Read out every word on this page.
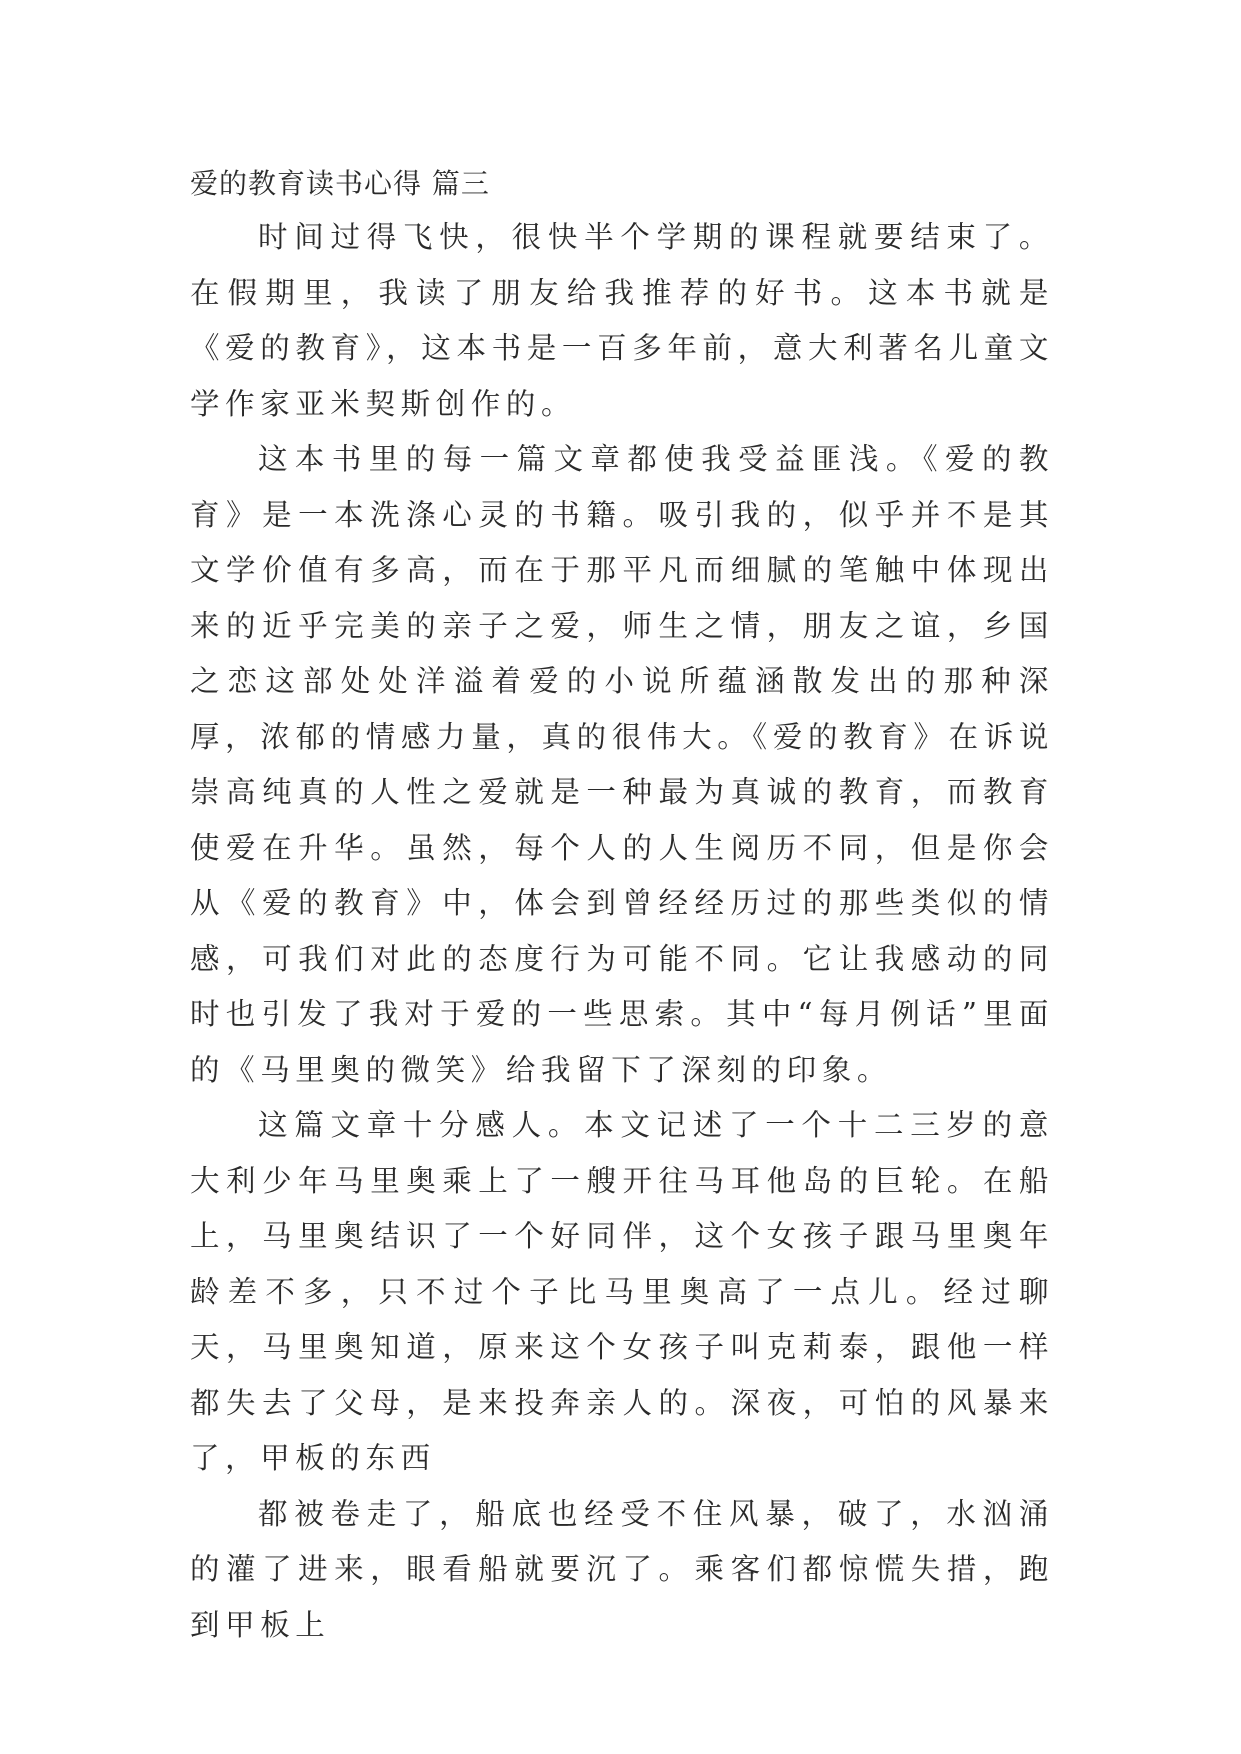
爱的教育读书心得 篇三

时间过得飞快，很快半个学期的课程就要结束了。在假期里，我读了朋友给我推荐的好书。这本书就是《爱的教育》，这本书是一百多年前，意大利著名儿童文学作家亚米契斯创作的。

这本书里的每一篇文章都使我受益匪浅。《爱的教育》是一本洗涤心灵的书籍。吸引我的，似乎并不是其文学价值有多高，而在于那平凡而细腻的笔触中体现出来的近乎完美的亲子之爱，师生之情，朋友之谊，乡国之恋这部处处洋溢着爱的小说所蕴涵散发出的那种深厚，浓郁的情感力量，真的很伟大。《爱的教育》在诉说崇高纯真的人性之爱就是一种最为真诚的教育，而教育使爱在升华。虽然，每个人的人生阅历不同，但是你会从《爱的教育》中，体会到曾经经历过的那些类似的情感，可我们对此的态度行为可能不同。它让我感动的同时也引发了我对于爱的一些思索。其中“每月例话”里面的《马里奥的微笑》给我留下了深刻的印象。

这篇文章十分感人。本文记述了一个十二三岁的意大利少年马里奥乘上了一艘开往马耳他岛的巨轮。在船上，马里奥结识了一个好同伴，这个女孩子跟马里奥年龄差不多，只不过个子比马里奥高了一点儿。经过聊天，马里奥知道，原来这个女孩子叫克莉泰，跟他一样都失去了父母，是来投奔亲人的。深夜，可怕的风暴来了，甲板的东西

都被卷走了，船底也经受不住风暴，破了，水汹涌的灌了进来，眼看船就要沉了。乘客们都惊慌失措，跑到甲板上
